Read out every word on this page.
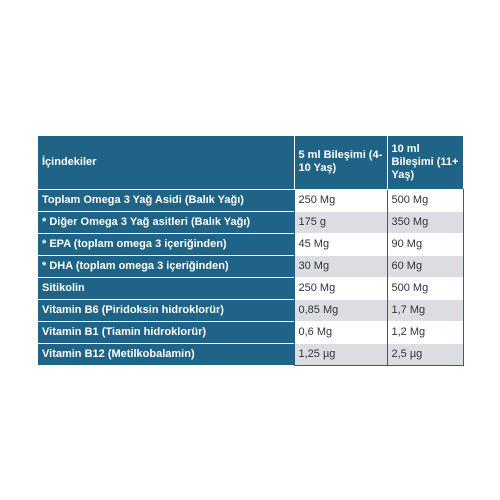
İçindekiler	5 ml Bileşimi (4-10 Yaş)	10 ml Bileşimi (11+ Yaş)
Toplam Omega 3 Yağ Asidi (Balık Yağı)	250 Mg	500 Mg
* Diğer Omega 3 Yağ asitleri (Balık Yağı)	175 g	350 Mg
* EPA (toplam omega 3 içeriğinden)	45 Mg	90 Mg
* DHA (toplam omega 3 içeriğinden)	30 Mg	60 Mg
Sitikolin	250 Mg	500 Mg
Vitamin B6 (Piridoksin hidroklorür)	0,85 Mg	1,7 Mg
Vitamin B1 (Tiamin hidroklorür)	0,6 Mg	1,2 Mg
Vitamin B12 (Metilkobalamin)	1,25 µg	2,5 µg
